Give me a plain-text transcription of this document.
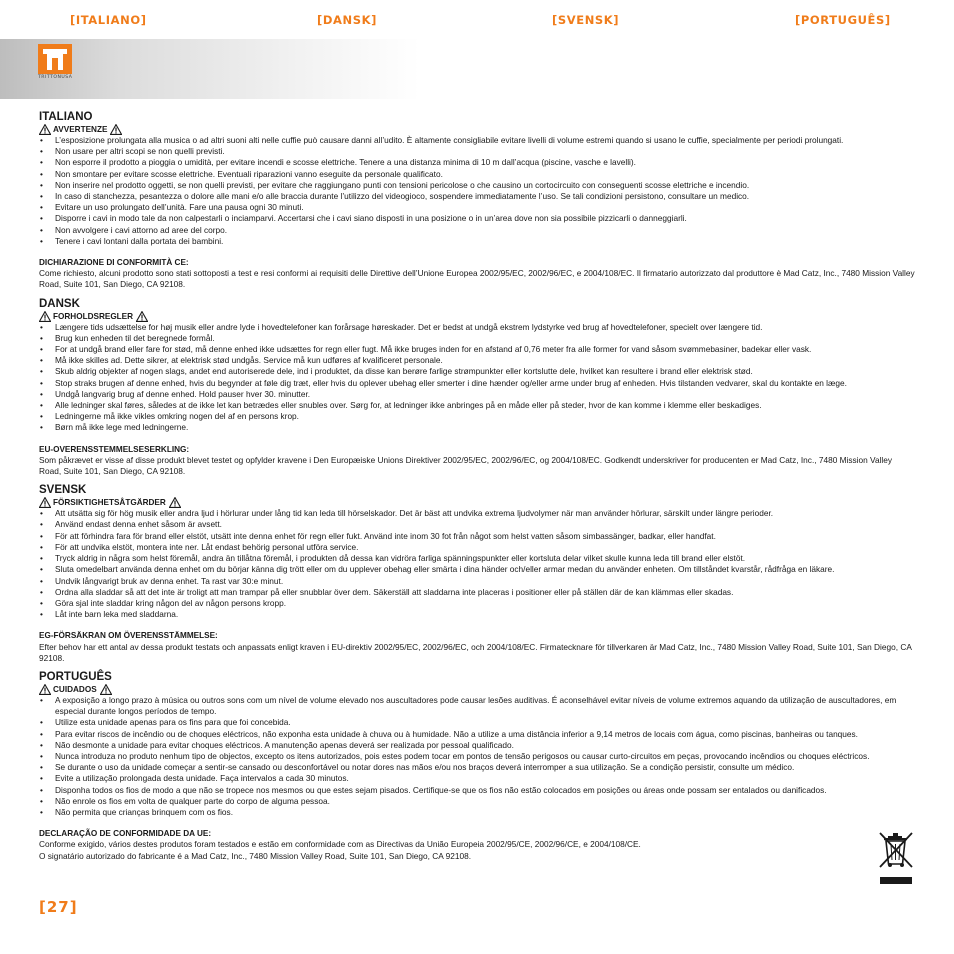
[ITALIANO]	[DANSK]	[SVENSK]	[PORTUGUÊS]
TRITTONUSA
ITALIANO
AVVERTENZE
• L’esposizione prolungata alla musica o ad altri suoni alti nelle cuffie può causare danni all’udito. È altamente consigliabile evitare livelli di volume estremi quando si usano le cuffie, specialmente per periodi prolungati.
• Non usare per altri scopi se non quelli previsti.
• Non esporre il prodotto a pioggia o umidità, per evitare incendi e scosse elettriche. Tenere a una distanza minima di 10 m dall’acqua (piscine, vasche e lavelli).
• Non smontare per evitare scosse elettriche. Eventuali riparazioni vanno eseguite da personale qualificato.
• Non inserire nel prodotto oggetti, se non quelli previsti, per evitare che raggiungano punti con tensioni pericolose o che causino un cortocircuito con conseguenti scosse elettriche e incendio.
• In caso di stanchezza, pesantezza o dolore alle mani e/o alle braccia durante l’utilizzo del videogioco, sospendere immediatamente l’uso. Se tali condizioni persistono, consultare un medico.
• Evitare un uso prolungato dell’unità. Fare una pausa ogni 30 minuti.
• Disporre i cavi in modo tale da non calpestarli o inciamparvi. Accertarsi che i cavi siano disposti in una posizione o in un’area dove non sia possibile pizzicarli o danneggiarli.
• Non avvolgere i cavi attorno ad aree del corpo.
• Tenere i cavi lontani dalla portata dei bambini.
DICHIARAZIONE DI CONFORMITÀ CE:
Come richiesto, alcuni prodotto sono stati sottoposti a test e resi conformi ai requisiti delle Direttive dell’Unione Europea 2002/95/EC, 2002/96/EC, e 2004/108/EC. Il firmatario autorizzato dal produttore è Mad Catz, Inc., 7480 Mission Valley Road, Suite 101, San Diego, CA 92108.
DANSK
FORHOLDSREGLER
• Længere tids udsættelse for høj musik eller andre lyde i hovedtelefoner kan forårsage høreskader. Det er bedst at undgå ekstrem lydstyrke ved brug af hovedtelefoner, specielt over længere tid.
• Brug kun enheden til det beregnede formål.
• For at undgå brand eller fare for stød, må denne enhed ikke udsættes for regn eller fugt. Må ikke bruges inden for en afstand af 0,76 meter fra alle former for vand såsom svømmebasiner, badekar eller vask.
• Må ikke skilles ad. Dette sikrer, at elektrisk stød undgås. Service må kun udføres af kvalificeret personale.
• Skub aldrig objekter af nogen slags, andet end autoriserede dele, ind i produktet, da disse kan berøre farlige strømpunkter eller kortslutte dele, hvilket kan resultere i brand eller elektrisk stød.
• Stop straks brugen af denne enhed, hvis du begynder at føle dig træt, eller hvis du oplever ubehag eller smerter i dine hænder og/eller arme under brug af enheden. Hvis tilstanden vedvarer, skal du kontakte en læge.
• Undgå langvarig brug af denne enhed. Hold pauser hver 30. minutter.
• Alle ledninger skal føres, således at de ikke let kan betrædes eller snubles over. Sørg for, at ledninger ikke anbringes på en måde eller på steder, hvor de kan komme i klemme eller beskadiges.
• Ledningerne må ikke vikles omkring nogen del af en persons krop.
• Børn må ikke lege med ledningerne.
EU-OVERENSSTEMMELSESERKLING:
Som påkrævet er visse af disse produkt blevet testet og opfylder kravene i Den Europæiske Unions Direktiver 2002/95/EC, 2002/96/EC, og 2004/108/EC. Godkendt underskriver for producenten er Mad Catz, Inc., 7480 Mission Valley Road, Suite 101, San Diego, CA 92108.
SVENSK
FÖRSIKTIGHETSÅTGÄRDER
• Att utsätta sig för hög musik eller andra ljud i hörlurar under lång tid kan leda till hörselskador. Det är bäst att undvika extrema ljudvolymer när man använder hörlurar, särskilt under längre perioder.
• Använd endast denna enhet såsom är avsett.
• För att förhindra fara för brand eller elstöt, utsätt inte denna enhet för regn eller fukt. Använd inte inom 30 fot från något som helst vatten såsom simbassänger, badkar, eller handfat.
• För att undvika elstöt, montera inte ner. Låt endast behörig personal utföra service.
• Tryck aldrig in några som helst föremål, andra än tillåtna föremål, i produkten då dessa kan vidröra farliga spänningspunkter eller kortsluta delar vilket skulle kunna leda till brand eller elstöt.
• Sluta omedelbart använda denna enhet om du börjar känna dig trött eller om du upplever obehag eller smärta i dina händer och/eller armar medan du använder enheten. Om tillståndet kvarstår, rådfråga en läkare.
• Undvik långvarigt bruk av denna enhet. Ta rast var 30:e minut.
• Ordna alla sladdar så att det inte är troligt att man trampar på eller snubblar över dem. Säkerställ att sladdarna inte placeras i positioner eller på ställen där de kan klämmas eller skadas.
• Göra sjal inte sladdar kring någon del av någon persons kropp.
• Låt inte barn leka med sladdarna.
EG-FÖRSÄKRAN OM ÖVERENSSTÄMMELSE:
Efter behov har ett antal av dessa produkt testats och anpassats enligt kraven i EU-direktiv 2002/95/EC, 2002/96/EC, och 2004/108/EC. Firmatecknare för tillverkaren är Mad Catz, Inc., 7480 Mission Valley Road, Suite 101, San Diego, CA 92108.
PORTUGUÊS
CUIDADOS
• A exposição a longo prazo à música ou outros sons com um nível de volume elevado nos auscultadores pode causar lesões auditivas. É aconselhável evitar níveis de volume extremos aquando da utilização de auscultadores, em especial durante longos períodos de tempo.
• Utilize esta unidade apenas para os fins para que foi concebida.
• Para evitar riscos de incêndio ou de choques eléctricos, não exponha esta unidade à chuva ou à humidade. Não a utilize a uma distância inferior a 9,14 metros de locais com água, como piscinas, banheiras ou tanques.
• Não desmonte a unidade para evitar choques eléctricos. A manutenção apenas deverá ser realizada por pessoal qualificado.
• Nunca introduza no produto nenhum tipo de objectos, excepto os itens autorizados, pois estes podem tocar em pontos de tensão perigosos ou causar curto-circuitos em peças, provocando incêndios ou choques eléctricos.
• Se durante o uso da unidade começar a sentir-se cansado ou desconfortável ou notar dores nas mãos e/ou nos braços deverá interromper a sua utilização. Se a condição persistir, consulte um médico.
• Evite a utilização prolongada desta unidade. Faça intervalos a cada 30 minutos.
• Disponha todos os fios de modo a que não se tropece nos mesmos ou que estes sejam pisados. Certifique-se que os fios não estão colocados em posições ou áreas onde possam ser entalados ou danificados.
• Não enrole os fios em volta de qualquer parte do corpo de alguma pessoa.
• Não permita que crianças brinquem com os fios.
DECLARAÇÃO DE CONFORMIDADE DA UE:
Conforme exigido, vários destes produtos foram testados e estão em conformidade com as Directivas da União Europeia 2002/95/CE, 2002/96/CE, e 2004/108/CE.
O signatário autorizado do fabricante é a Mad Catz, Inc., 7480 Mission Valley Road, Suite 101, San Diego, CA 92108.
[27]
